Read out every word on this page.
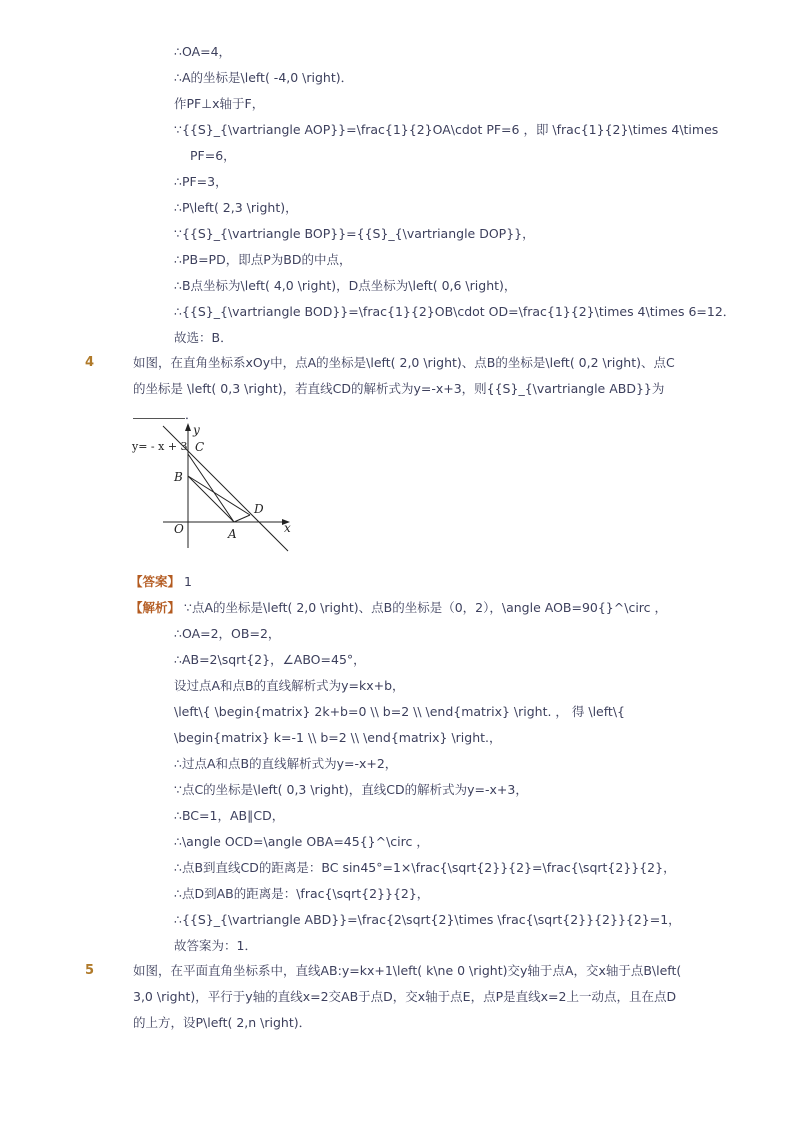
∴OA=4，
∴A的坐标是\left( -4,0 \right)．
作PF⊥x轴于F，
∵{{S}_{\vartriangle AOP}}=\frac{1}{2}OA\cdot PF=6 ，即 \frac{1}{2}\times 4\times
PF=6，
∴PF=3，
∴P\left( 2,3 \right)，
∵{{S}_{\vartriangle BOP}}={{S}_{\vartriangle DOP}}，
∴PB=PD，即点P为BD的中点，
∴B点坐标为\left( 4,0 \right)，D点坐标为\left( 0,6 \right)，
∴{{S}_{\vartriangle BOD}}=\frac{1}{2}OB\cdot OD=\frac{1}{2}\times 4\times 6=12．
故选：B．
4	如图，在直角坐标系xOy中，点A的坐标是\left( 2,0 \right)、点B的坐标是\left( 0,2 \right)、点C
的坐标是 \left( 0,3 \right)，若直线CD的解析式为y=-x+3，则{{S}_{\vartriangle ABD}}为
．
y= - x + 3
y
x
O	A
B
C
D
【答案】 1
【解析】 ∵点A的坐标是\left( 2,0 \right)、点B的坐标是（0，2），\angle AOB=90{}^\circ ，
∴OA=2，OB=2，
∴AB=2\sqrt{2}，∠ABO=45°，
设过点A和点B的直线解析式为y=kx+b，
\left\{ \begin{matrix} 2k+b=0 \\ b=2 \\ \end{matrix} \right. ， 得 \left\{
\begin{matrix} k=-1 \\ b=2 \\ \end{matrix} \right.，
∴过点A和点B的直线解析式为y=-x+2，
∵点C的坐标是\left( 0,3 \right)，直线CD的解析式为y=-x+3，
∴BC=1，AB∥CD，
∴\angle OCD=\angle OBA=45{}^\circ ，
∴点B到直线CD的距离是：BC sin45°=1×\frac{\sqrt{2}}{2}=\frac{\sqrt{2}}{2}，
∴点D到AB的距离是：\frac{\sqrt{2}}{2}，
∴{{S}_{\vartriangle ABD}}=\frac{2\sqrt{2}\times \frac{\sqrt{2}}{2}}{2}=1，
故答案为：1．
5	如图，在平面直角坐标系中，直线AB:y=kx+1\left( k\ne 0 \right)交y轴于点A，交x轴于点B\left(
3,0 \right)，平行于y轴的直线x=2交AB于点D，交x轴于点E，点P是直线x=2上一动点，且在点D
的上方，设P\left( 2,n \right)．
